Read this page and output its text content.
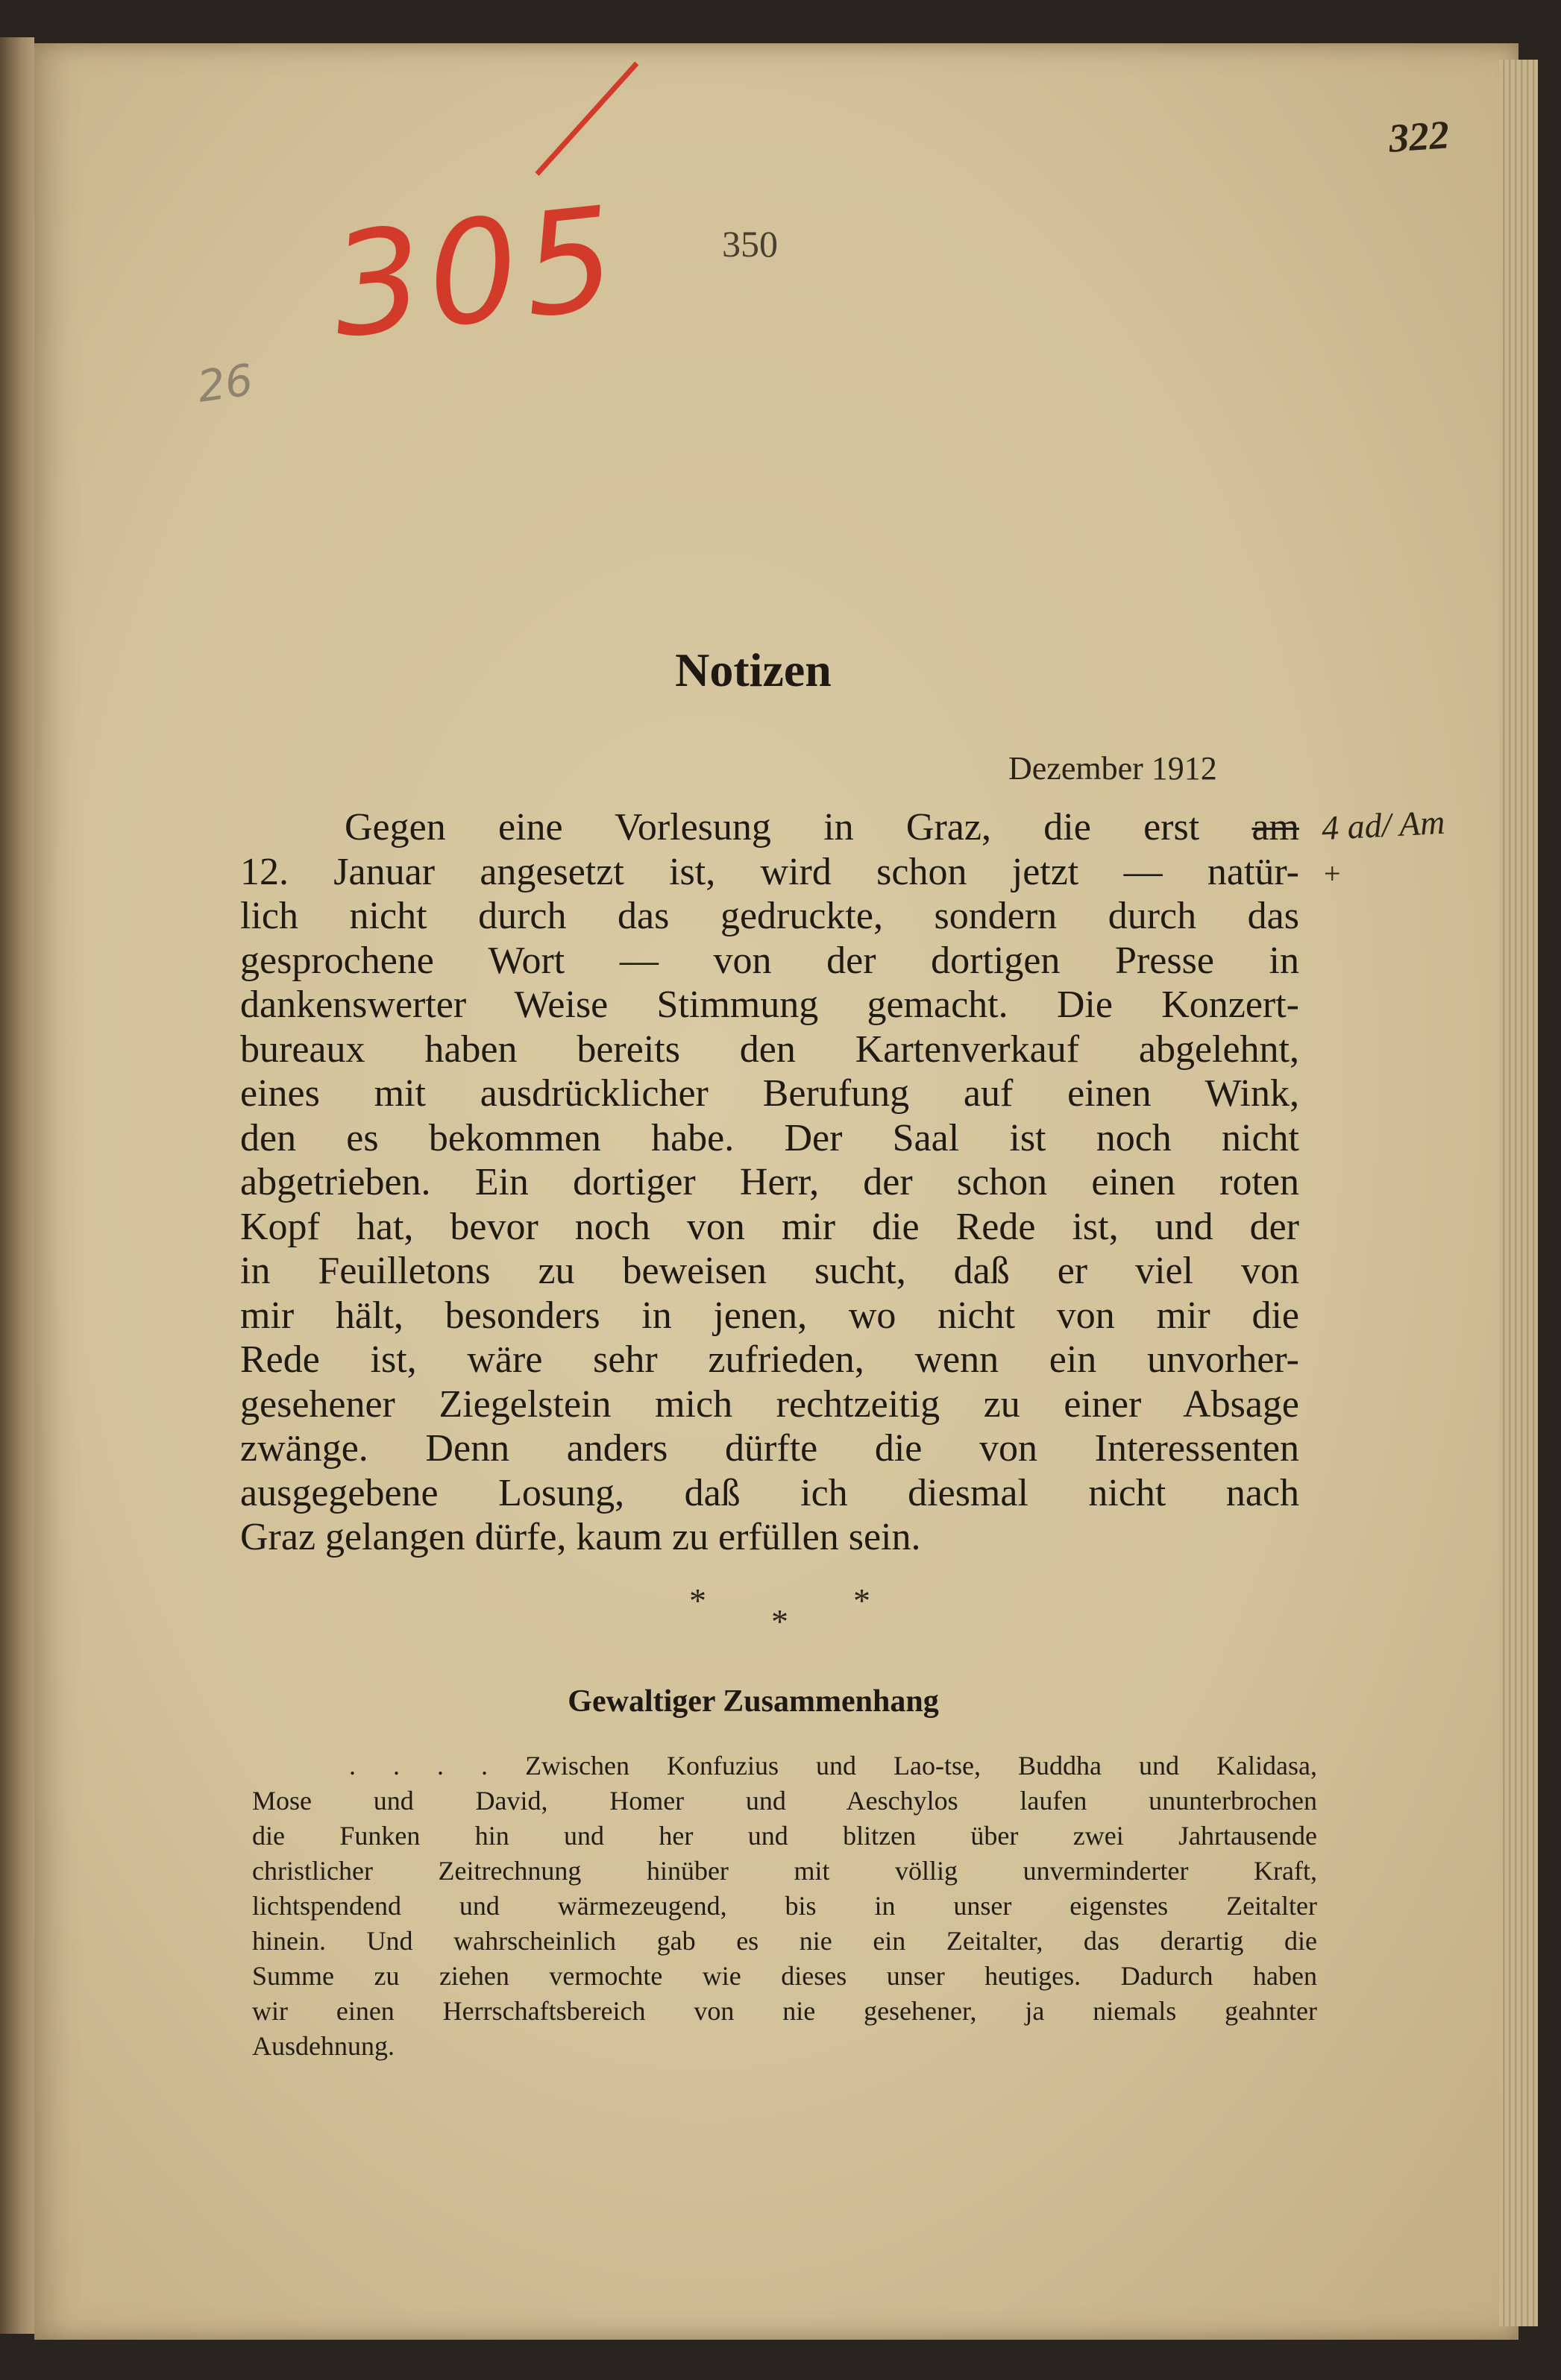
322
305
26
350
Notizen
Dezember 1912
Gegen eine Vorlesung in Graz, die erst am
12. Januar angesetzt ist, wird schon jetzt — natür-
lich nicht durch das gedruckte, sondern durch das
gesprochene Wort — von der dortigen Presse in
dankenswerter Weise Stimmung gemacht. Die Konzert-
bureaux haben bereits den Kartenverkauf abgelehnt,
eines mit ausdrücklicher Berufung auf einen Wink,
den es bekommen habe. Der Saal ist noch nicht
abgetrieben. Ein dortiger Herr, der schon einen roten
Kopf hat, bevor noch von mir die Rede ist, und der
in Feuilletons zu beweisen sucht, daß er viel von
mir hält, besonders in jenen, wo nicht von mir die
Rede ist, wäre sehr zufrieden, wenn ein unvorher-
gesehener Ziegelstein mich rechtzeitig zu einer Absage
zwänge. Denn anders dürfte die von Interessenten
ausgegebene Losung, daß ich diesmal nicht nach
Graz gelangen dürfe, kaum zu erfüllen sein.
4 ad/ Am
+
*
*
*
Gewaltiger Zusammenhang
. . . . Zwischen Konfuzius und Lao-tse, Buddha und Kalidasa,
Mose und David, Homer und Aeschylos laufen ununterbrochen
die Funken hin und her und blitzen über zwei Jahrtausende
christlicher Zeitrechnung hinüber mit völlig unverminderter Kraft,
lichtspendend und wärmezeugend, bis in unser eigenstes Zeitalter
hinein. Und wahrscheinlich gab es nie ein Zeitalter, das derartig die
Summe zu ziehen vermochte wie dieses unser heutiges. Dadurch haben
wir einen Herrschaftsbereich von nie gesehener, ja niemals geahnter
Ausdehnung.
